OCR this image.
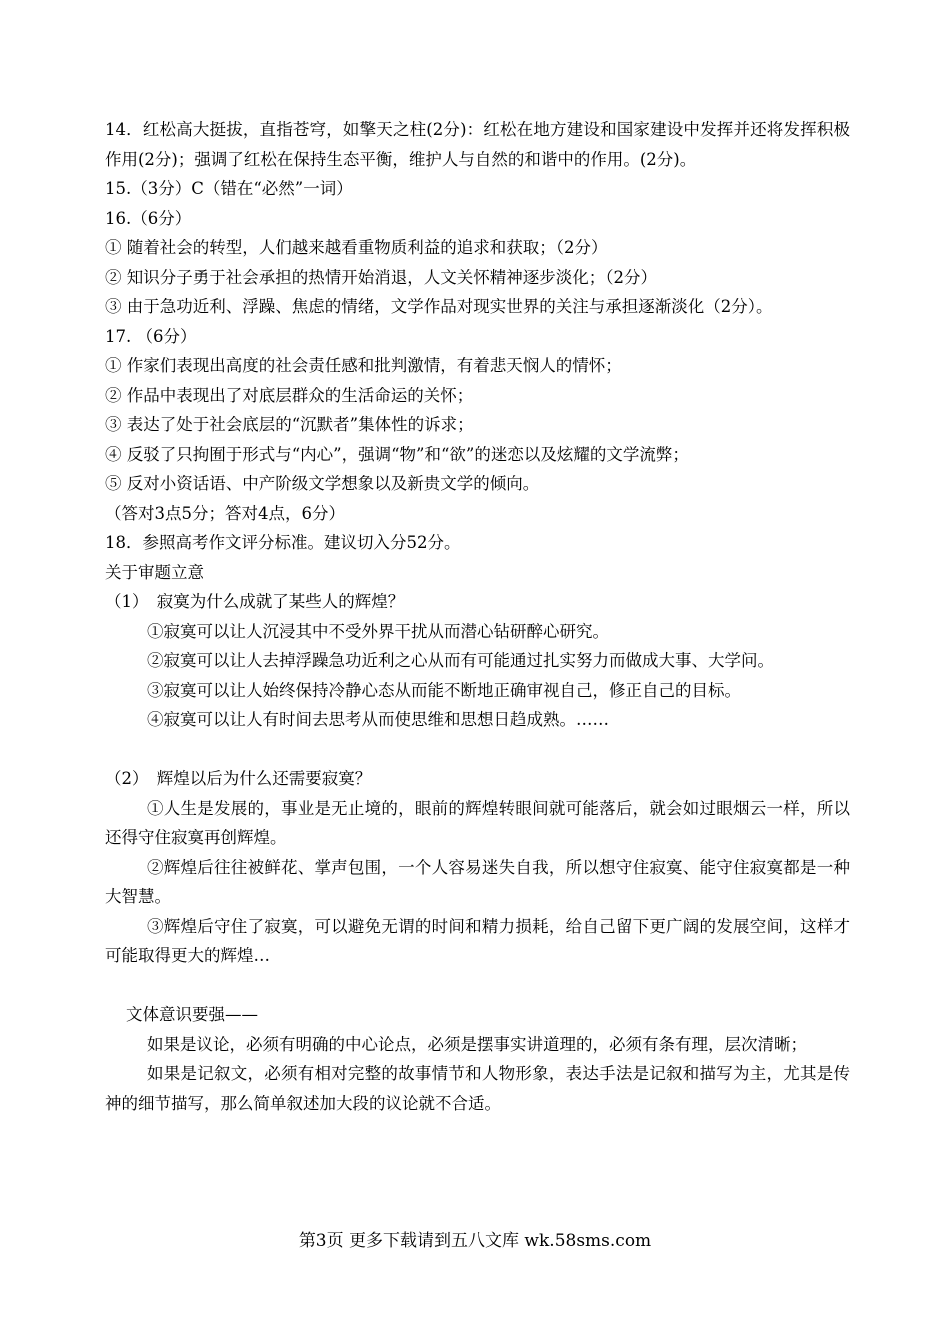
14．红松高大挺拔，直指苍穹，如擎天之柱(2分)：红松在地方建设和国家建设中发挥并还将发挥积极作用(2分)；强调了红松在保持生态平衡，维护人与自然的和谐中的作用。(2分)。

15.（3分）C（错在“必然”一词）

16.（6分）

① 随着社会的转型，人们越来越看重物质利益的追求和获取；（2分）

② 知识分子勇于社会承担的热情开始消退，人文关怀精神逐步淡化；（2分）

③ 由于急功近利、浮躁、焦虑的情绪，文学作品对现实世界的关注与承担逐渐淡化（2分）。

17. （6分）

① 作家们表现出高度的社会责任感和批判激情，有着悲天悯人的情怀；

② 作品中表现出了对底层群众的生活命运的关怀；

③ 表达了处于社会底层的“沉默者”集体性的诉求；

④ 反驳了只拘囿于形式与“内心”，强调“物”和“欲”的迷恋以及炫耀的文学流弊；

⑤ 反对小资话语、中产阶级文学想象以及新贵文学的倾向。

（答对3点5分；答对4点，6分）

18．参照高考作文评分标准。建议切入分52分。

关于审题立意

（1）　寂寞为什么成就了某些人的辉煌？

①寂寞可以让人沉浸其中不受外界干扰从而潜心钻研醉心研究。

②寂寞可以让人去掉浮躁急功近利之心从而有可能通过扎实努力而做成大事、大学问。

③寂寞可以让人始终保持冷静心态从而能不断地正确审视自己，修正自己的目标。

④寂寞可以让人有时间去思考从而使思维和思想日趋成熟。……

（2）　辉煌以后为什么还需要寂寞？

①人生是发展的，事业是无止境的，眼前的辉煌转眼间就可能落后，就会如过眼烟云一样，所以还得守住寂寞再创辉煌。

②辉煌后往往被鲜花、掌声包围，一个人容易迷失自我，所以想守住寂寞、能守住寂寞都是一种大智慧。

③辉煌后守住了寂寞，可以避免无谓的时间和精力损耗，给自己留下更广阔的发展空间，这样才可能取得更大的辉煌…

文体意识要强——

如果是议论，必须有明确的中心论点，必须是摆事实讲道理的，必须有条有理，层次清晰；

如果是记叙文，必须有相对完整的故事情节和人物形象，表达手法是记叙和描写为主，尤其是传神的细节描写，那么简单叙述加大段的议论就不合适。

第3页 更多下载请到五八文库 wk.58sms.com
